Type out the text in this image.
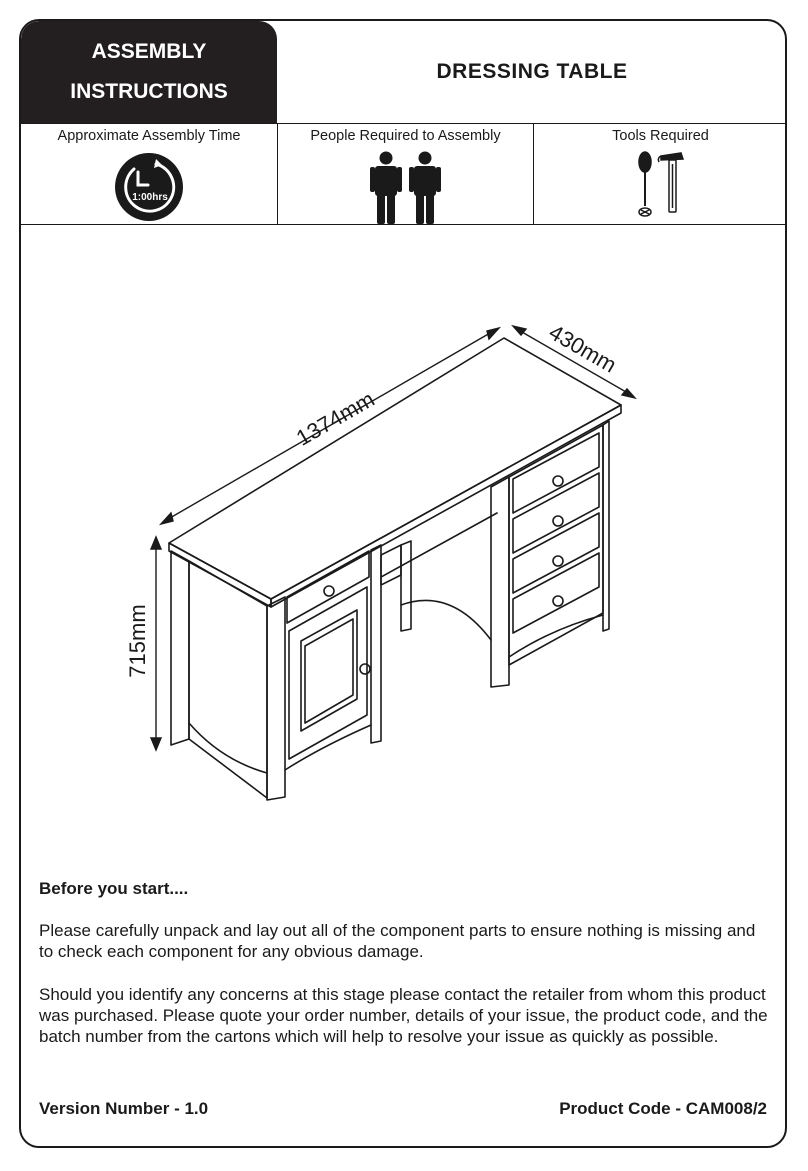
ASSEMBLY
INSTRUCTIONS
DRESSING TABLE
Approximate Assembly Time
1:00hrs
People Required to Assembly	Tools Required
1374mm
430mm
715mm
Before you start....
Please carefully unpack and lay out all of the component parts to ensure nothing is missing and to check each component for any obvious damage.
Should you identify any concerns at this stage please contact the retailer from whom this product was purchased. Please quote your order number, details of your issue, the product code, and the batch number from the cartons which will help to resolve your issue as quickly as possible.
Version Number - 1.0	Product Code - CAM008/2
